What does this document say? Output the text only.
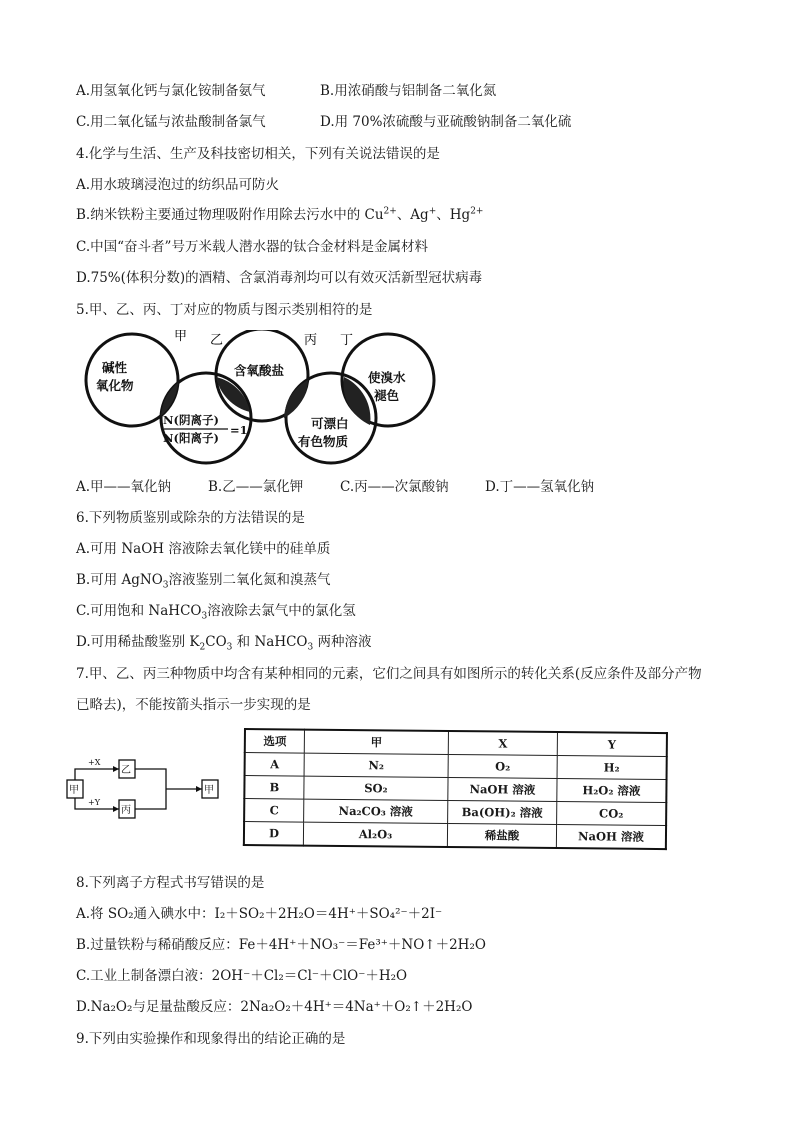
A.用氢氧化钙与氯化铵制备氨气	B.用浓硝酸与铝制备二氧化氮
C.用二氧化锰与浓盐酸制备氯气	D.用 70%浓硫酸与亚硫酸钠制备二氧化硫
4.化学与生活、生产及科技密切相关，下列有关说法错误的是
A.用水玻璃浸泡过的纺织品可防火
B.纳米铁粉主要通过物理吸附作用除去污水中的 $Cu^{2+}$、Ag+、$Hg^{2+}$
C.中国“奋斗者”号万米载人潜水器的钛合金材料是金属材料
D.75%(体积分数)的酒精、含氯消毒剂均可以有效灭活新型冠状病毒
5.甲、乙、丙、丁对应的物质与图示类别相符的是
甲 乙	丙 丁
碱性
氧化物
含氧酸盐	使溴水
褪色
N(阴离子)
N(阳离子)
=1	可漂白
有色物质
A.甲——氧化钠	B.乙——氯化钾	C.丙——次氯酸钠	D.丁——氢氧化钠
6.下列物质鉴别或除杂的方法错误的是
A.可用 NaOH 溶液除去氧化镁中的硅单质
B.可用 AgNO$_3$溶液鉴别二氧化氮和溴蒸气
C.可用饱和 NaHCO$_3$溶液除去氯气中的氯化氢
D.可用稀盐酸鉴别 $K_2CO_3$ 和 NaHCO$_3$ 两种溶液
7.甲、乙、丙三种物质中均含有某种相同的元素，它们之间具有如图所示的转化关系(反应条件及部分产物
已略去)，不能按箭头指示一步实现的是
甲
乙
丙
甲
+X
+Y
选项	甲	X	Y
A	N₂	O₂	H₂
B	SO₂	NaOH 溶液	H₂O₂ 溶液
C	Na₂CO₃ 溶液	Ba(OH)₂ 溶液	CO₂
D	Al₂O₃	稀盐酸	NaOH 溶液
8.下列离子方程式书写错误的是
A.将 SO₂通入碘水中：I₂＋SO₂＋2H₂O＝4H⁺＋SO₄²⁻＋2I⁻
B.过量铁粉与稀硝酸反应：Fe＋4H⁺＋NO₃⁻＝Fe³⁺＋NO↑＋2H₂O
C.工业上制备漂白液：2OH⁻＋Cl₂＝Cl⁻＋ClO⁻＋H₂O
D.Na₂O₂与足量盐酸反应：2Na₂O₂＋4H⁺＝4Na⁺＋O₂↑＋2H₂O
9.下列由实验操作和现象得出的结论正确的是
